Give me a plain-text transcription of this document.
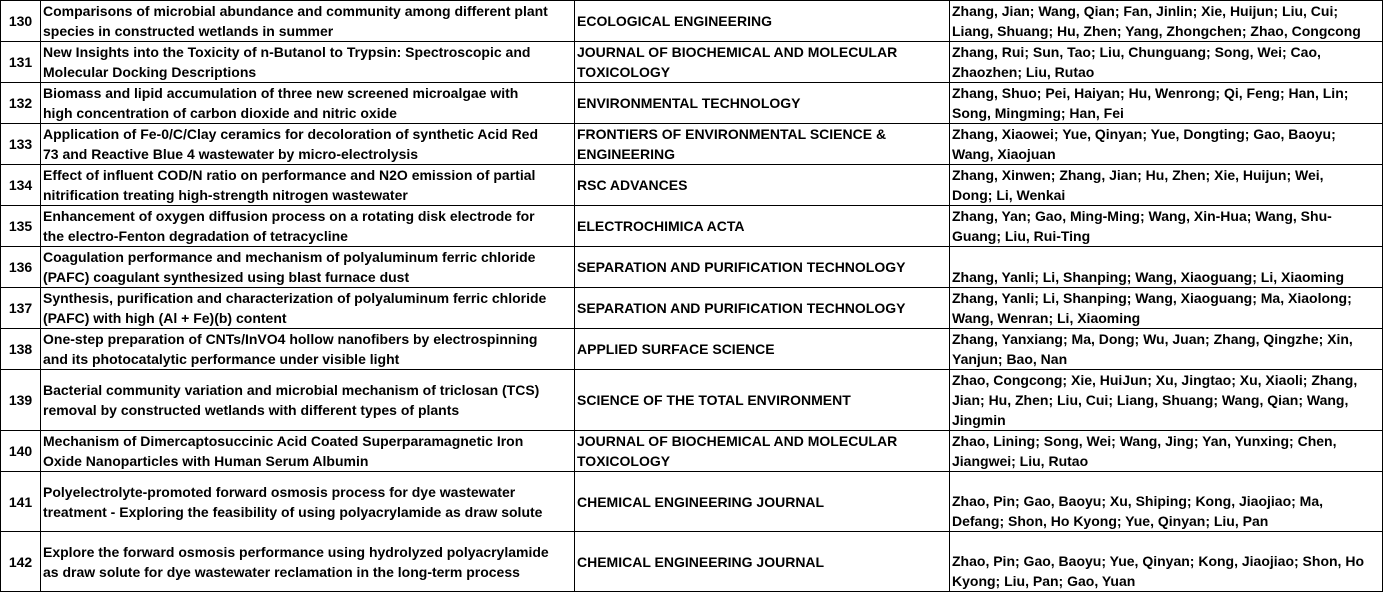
130	Comparisons of microbial abundance and community among different plant
species in constructed wetlands in summer	ECOLOGICAL ENGINEERING	Zhang, Jian; Wang, Qian; Fan, Jinlin; Xie, Huijun; Liu, Cui;
Liang, Shuang; Hu, Zhen; Yang, Zhongchen; Zhao, Congcong

131	New Insights into the Toxicity of n-Butanol to Trypsin: Spectroscopic and
Molecular Docking Descriptions	JOURNAL OF BIOCHEMICAL AND MOLECULAR
TOXICOLOGY	Zhang, Rui; Sun, Tao; Liu, Chunguang; Song, Wei; Cao,
Zhaozhen; Liu, Rutao

132	Biomass and lipid accumulation of three new screened microalgae with
high concentration of carbon dioxide and nitric oxide	ENVIRONMENTAL TECHNOLOGY	Zhang, Shuo; Pei, Haiyan; Hu, Wenrong; Qi, Feng; Han, Lin;
Song, Mingming; Han, Fei

133	Application of Fe-0/C/Clay ceramics for decoloration of synthetic Acid Red
73 and Reactive Blue 4 wastewater by micro-electrolysis	FRONTIERS OF ENVIRONMENTAL SCIENCE &
ENGINEERING	Zhang, Xiaowei; Yue, Qinyan; Yue, Dongting; Gao, Baoyu;
Wang, Xiaojuan

134	Effect of influent COD/N ratio on performance and N2O emission of partial
nitrification treating high-strength nitrogen wastewater	RSC ADVANCES	Zhang, Xinwen; Zhang, Jian; Hu, Zhen; Xie, Huijun; Wei,
Dong; Li, Wenkai

135	Enhancement of oxygen diffusion process on a rotating disk electrode for
the electro-Fenton degradation of tetracycline	ELECTROCHIMICA ACTA	Zhang, Yan; Gao, Ming-Ming; Wang, Xin-Hua; Wang, Shu-
Guang; Liu, Rui-Ting

136	Coagulation performance and mechanism of polyaluminum ferric chloride
(PAFC) coagulant synthesized using blast furnace dust	SEPARATION AND PURIFICATION TECHNOLOGY	Zhang, Yanli; Li, Shanping; Wang, Xiaoguang; Li, Xiaoming

137	Synthesis, purification and characterization of polyaluminum ferric chloride
(PAFC) with high (Al + Fe)(b) content	SEPARATION AND PURIFICATION TECHNOLOGY	Zhang, Yanli; Li, Shanping; Wang, Xiaoguang; Ma, Xiaolong;
Wang, Wenran; Li, Xiaoming

138	One-step preparation of CNTs/InVO4 hollow nanofibers by electrospinning
and its photocatalytic performance under visible light	APPLIED SURFACE SCIENCE	Zhang, Yanxiang; Ma, Dong; Wu, Juan; Zhang, Qingzhe; Xin,
Yanjun; Bao, Nan

139	Bacterial community variation and microbial mechanism of triclosan (TCS)
removal by constructed wetlands with different types of plants	SCIENCE OF THE TOTAL ENVIRONMENT	Zhao, Congcong; Xie, HuiJun; Xu, Jingtao; Xu, Xiaoli; Zhang,
Jian; Hu, Zhen; Liu, Cui; Liang, Shuang; Wang, Qian; Wang,
Jingmin

140	Mechanism of Dimercaptosuccinic Acid Coated Superparamagnetic Iron
Oxide Nanoparticles with Human Serum Albumin	JOURNAL OF BIOCHEMICAL AND MOLECULAR
TOXICOLOGY	Zhao, Lining; Song, Wei; Wang, Jing; Yan, Yunxing; Chen,
Jiangwei; Liu, Rutao

141	Polyelectrolyte-promoted forward osmosis process for dye wastewater
treatment - Exploring the feasibility of using polyacrylamide as draw solute	CHEMICAL ENGINEERING JOURNAL	Zhao, Pin; Gao, Baoyu; Xu, Shiping; Kong, Jiaojiao; Ma,
Defang; Shon, Ho Kyong; Yue, Qinyan; Liu, Pan

142	Explore the forward osmosis performance using hydrolyzed polyacrylamide
as draw solute for dye wastewater reclamation in the long-term process	CHEMICAL ENGINEERING JOURNAL	Zhao, Pin; Gao, Baoyu; Yue, Qinyan; Kong, Jiaojiao; Shon, Ho
Kyong; Liu, Pan; Gao, Yuan
